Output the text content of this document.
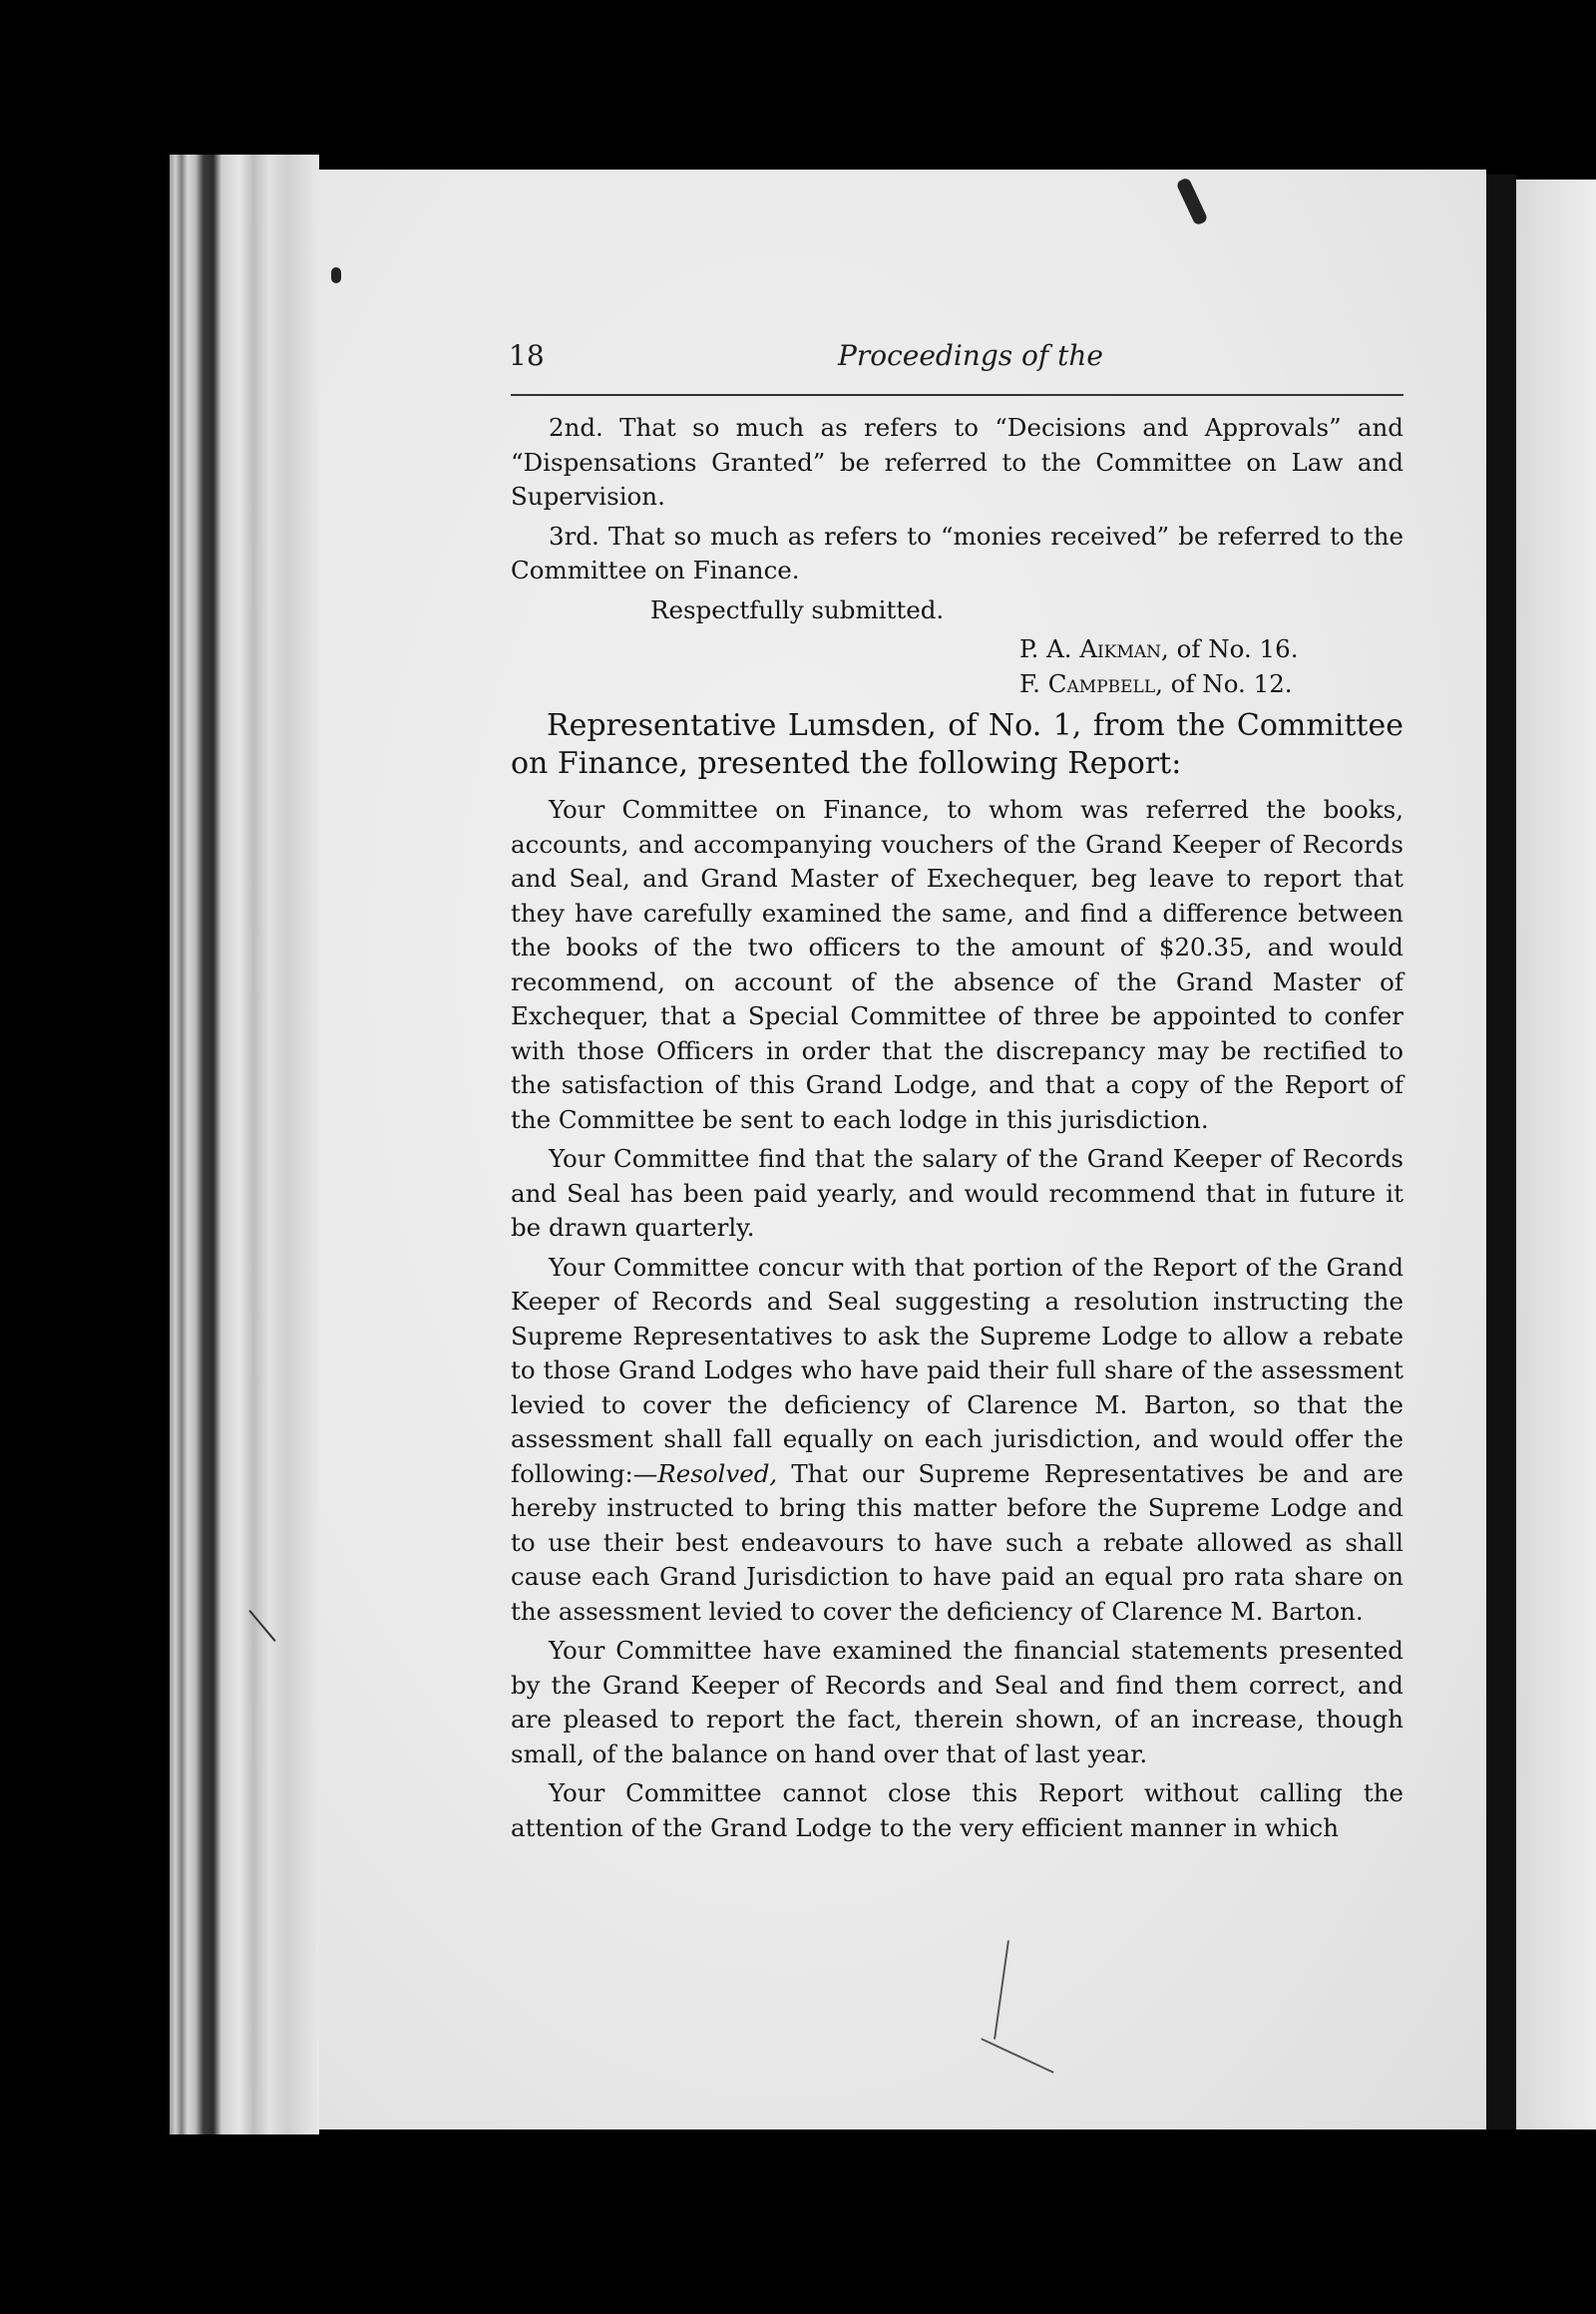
18	Proceedings of the

2nd. That so much as refers to “Decisions and Approvals” and “Dispensations Granted” be referred to the Committee on Law and Supervision.

3rd. That so much as refers to “monies received” be referred to the Committee on Finance.

Respectfully submitted.

P. A. Aikman, of No. 16.

F. Campbell, of No. 12.

Representative Lumsden, of No. 1, from the Committee on Finance, presented the following Report:

Your Committee on Finance, to whom was referred the books, accounts, and accompanying vouchers of the Grand Keeper of Records and Seal, and Grand Master of Exechequer, beg leave to report that they have carefully examined the same, and find a difference between the books of the two officers to the amount of $20.35, and would recommend, on account of the absence of the Grand Master of Exchequer, that a Special Committee of three be appointed to confer with those Officers in order that the discrepancy may be rectified to the satisfaction of this Grand Lodge, and that a copy of the Report of the Committee be sent to each lodge in this jurisdiction.

Your Committee find that the salary of the Grand Keeper of Records and Seal has been paid yearly, and would recommend that in future it be drawn quarterly.

Your Committee concur with that portion of the Report of the Grand Keeper of Records and Seal suggesting a resolution instructing the Supreme Representatives to ask the Supreme Lodge to allow a rebate to those Grand Lodges who have paid their full share of the assessment levied to cover the deficiency of Clarence M. Barton, so that the assessment shall fall equally on each jurisdiction, and would offer the following:—Resolved, That our Supreme Representatives be and are hereby instructed to bring this matter before the Supreme Lodge and to use their best endeavours to have such a rebate allowed as shall cause each Grand Jurisdiction to have paid an equal pro rata share on the assessment levied to cover the deficiency of Clarence M. Barton.

Your Committee have examined the financial statements presented by the Grand Keeper of Records and Seal and find them correct, and are pleased to report the fact, therein shown, of an increase, though small, of the balance on hand over that of last year.

Your Committee cannot close this Report without calling the attention of the Grand Lodge to the very efficient manner in which
